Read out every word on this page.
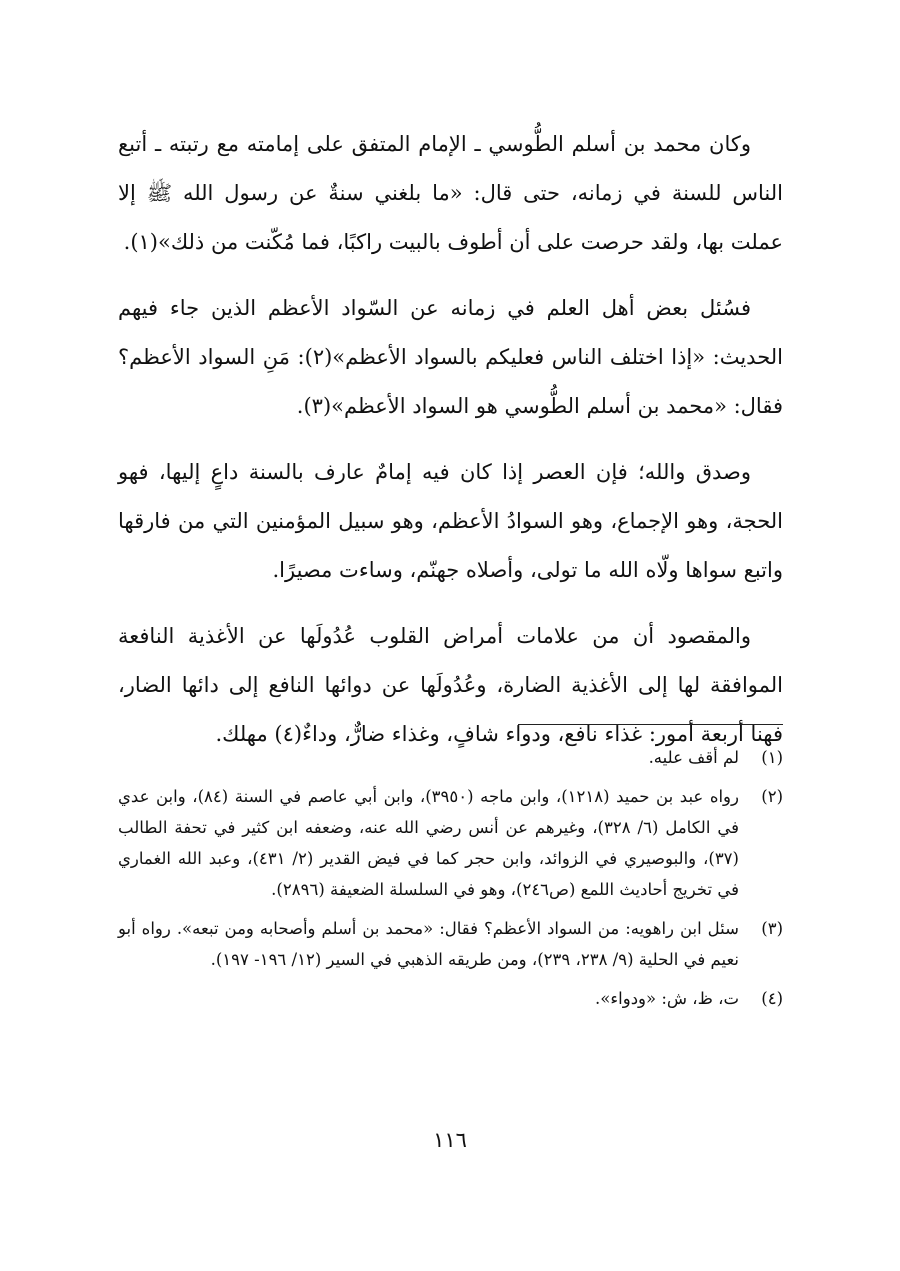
وكان محمد بن أسلم الطُّوسي ـ الإمام المتفق على إمامته مع رتبته ـ أتبع الناس للسنة في زمانه، حتى قال: «ما بلغني سنةٌ عن رسول الله ﷺ إلا عملت بها، ولقد حرصت على أن أطوف بالبيت راكبًا، فما مُكّنت من ذلك»(١).

فسُئل بعض أهل العلم في زمانه عن السّواد الأعظم الذين جاء فيهم الحديث: «إذا اختلف الناس فعليكم بالسواد الأعظم»(٢): مَنِ السواد الأعظم؟ فقال: «محمد بن أسلم الطُّوسي هو السواد الأعظم»(٣).

وصدق والله؛ فإن العصر إذا كان فيه إمامٌ عارف بالسنة داعٍ إليها، فهو الحجة، وهو الإجماع، وهو السوادُ الأعظم، وهو سبيل المؤمنين التي من فارقها واتبع سواها ولّاه الله ما تولى، وأصلاه جهنّم، وساءت مصيرًا.

والمقصود أن من علامات أمراض القلوب عُدُولَها عن الأغذية النافعة الموافقة لها إلى الأغذية الضارة، وعُدُولَها عن دوائها النافع إلى دائها الضار، فهنا أربعة أمور: غذاء نافع، ودواء شافٍ، وغذاء ضارٌّ، وداءٌ(٤) مهلك.

(١)
لم أقف عليه.
(٢)
رواه عبد بن حميد (١٢١٨)، وابن ماجه (٣٩٥٠)، وابن أبي عاصم في السنة (٨٤)، وابن عدي في الكامل (٦/ ٣٢٨)، وغيرهم عن أنس رضي الله عنه، وضعفه ابن كثير في تحفة الطالب (٣٧)، والبوصيري في الزوائد، وابن حجر كما في فيض القدير (٢/ ٤٣١)، وعبد الله الغماري في تخريج أحاديث اللمع (ص٢٤٦)، وهو في السلسلة الضعيفة (٢٨٩٦).
(٣)
سئل ابن راهويه: من السواد الأعظم؟ فقال: «محمد بن أسلم وأصحابه ومن تبعه». رواه أبو نعيم في الحلية (٩/ ٢٣٨، ٢٣٩)، ومن طريقه الذهبي في السير (١٢/ ١٩٦- ١٩٧).
(٤)
ت، ظ، ش: «ودواء».
١١٦
